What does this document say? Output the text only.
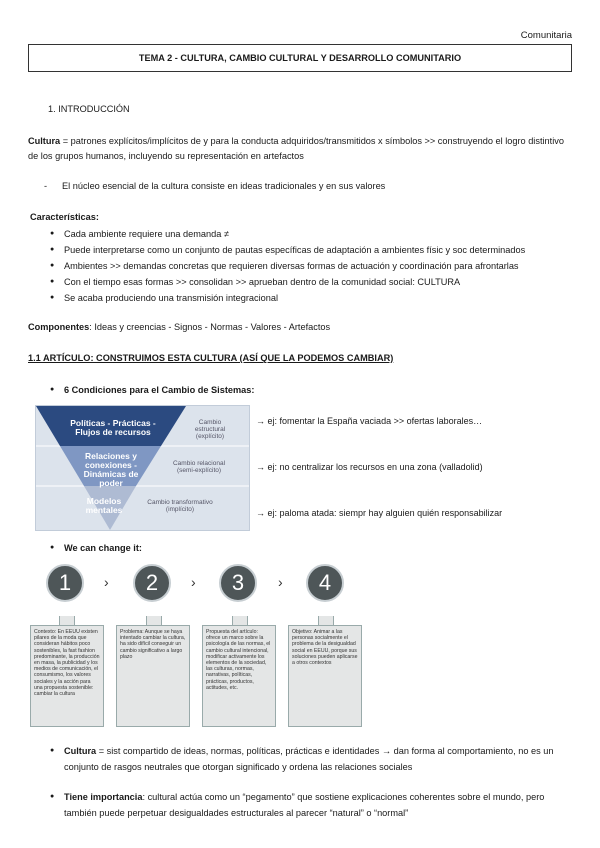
Comunitaria
TEMA 2 - CULTURA, CAMBIO CULTURAL Y DESARROLLO COMUNITARIO
1. INTRODUCCIÓN
Cultura = patrones explícitos/implícitos de y para la conducta adquiridos/transmitidos x símbolos >> construyendo el logro distintivo de los grupos humanos, incluyendo su representación en artefactos
- El núcleo esencial de la cultura consiste en ideas tradicionales y en sus valores
Características:
● Cada ambiente requiere una demanda ≠
● Puede interpretarse como un conjunto de pautas específicas de adaptación a ambientes físic y soc determinados
● Ambientes >> demandas concretas que requieren diversas formas de actuación y coordinación para afrontarlas
● Con el tiempo esas formas >> consolidan >> aprueban dentro de la comunidad social: CULTURA
● Se acaba produciendo una transmisión integracional
Componentes: Ideas y creencias - Signos - Normas - Valores - Artefactos
1.1 ARTÍCULO: CONSTRUIMOS ESTA CULTURA (ASÍ QUE LA PODEMOS CAMBIAR)
● 6 Condiciones para el Cambio de Sistemas:
Políticas - Prácticas - Flujos de recursos
Relaciones y conexiones - Dinámicas de poder
Modelos mentales
Cambio estructural (explícito)
Cambio relacional (semi-explícito)
Cambio transformativo (implícito)
→ ej: fomentar la España vaciada >> ofertas laborales…
→ ej: no centralizar los recursos en una zona (valladolid)
→ ej: paloma atada: siempr hay alguien quién responsabilizar
● We can change it:
1	›	2	›	3	›	4
Contexto: En EEUU existen pilares de la moda que consideran hábitos poco sostenibles, la fast fashion predominante, la producción en masa, la publicidad y los medios de comunicación, el consumismo, los valores sociales y la acción para una propuesta sostenible: cambiar la cultura
Problema: Aunque se haya intentado cambiar la cultura, ha sido difícil conseguir un cambio significativo a largo plazo
Propuesta del artículo: ofrece un marco sobre la psicología de las normas, el cambio cultural intencional, modificar activamente los elementos de la sociedad, las culturas, normas, narrativas, políticas, prácticas, productos, actitudes, etc.
Objetivo: Animar a las personas socialmente el problema de la desigualdad social en EEUU, porque sus soluciones pueden aplicarse a otros contextos
● Cultura = sist compartido de ideas, normas, políticas, prácticas e identidades → dan forma al comportamiento, no es un conjunto de rasgos neutrales que otorgan significado y ordena las relaciones sociales
● Tiene importancia: cultural actúa como un “pegamento” que sostiene explicaciones coherentes sobre el mundo, pero también puede perpetuar desigualdades estructurales al parecer “natural” o “normal”
